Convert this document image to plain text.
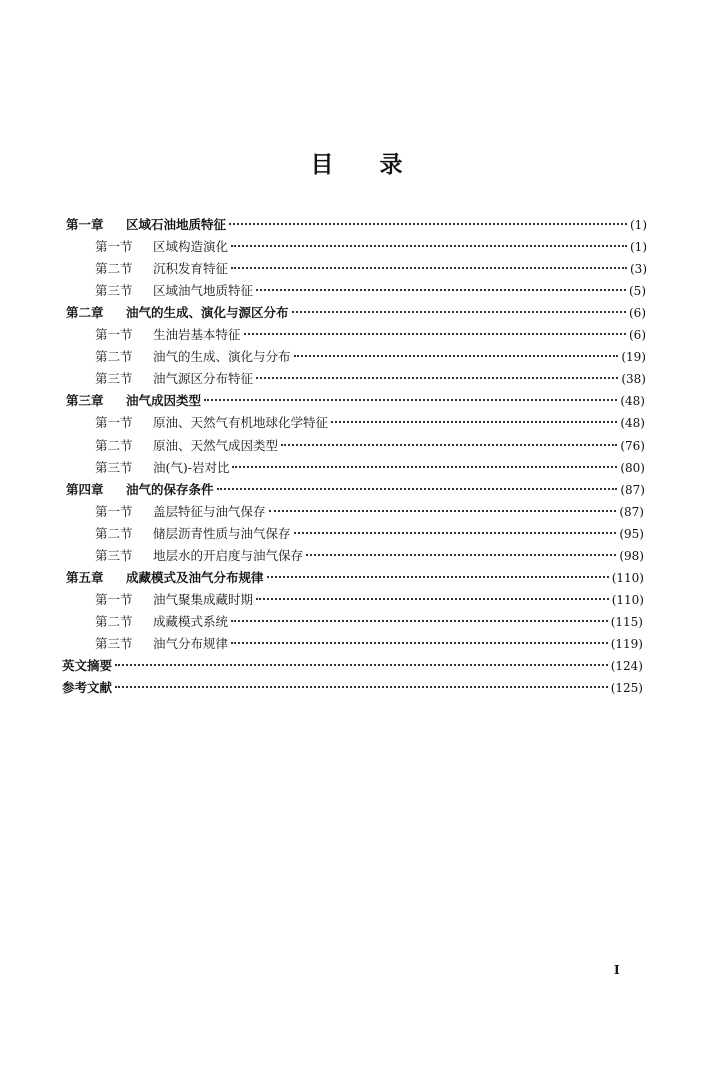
目 录
第一章	区域石油地质特征	(1)
第一节	区域构造演化	(1)
第二节	沉积发育特征	(3)
第三节	区域油气地质特征	(5)
第二章	油气的生成、演化与源区分布	(6)
第一节	生油岩基本特征	(6)
第二节	油气的生成、演化与分布	(19)
第三节	油气源区分布特征	(38)
第三章	油气成因类型	(48)
第一节	原油、天然气有机地球化学特征	(48)
第二节	原油、天然气成因类型	(76)
第三节	油(气)-岩对比	(80)
第四章	油气的保存条件	(87)
第一节	盖层特征与油气保存	(87)
第二节	储层沥青性质与油气保存	(95)
第三节	地层水的开启度与油气保存	(98)
第五章	成藏模式及油气分布规律	(110)
第一节	油气聚集成藏时期	(110)
第二节	成藏模式系统	(115)
第三节	油气分布规律	(119)
英文摘要	(124)
参考文献	(125)
I
